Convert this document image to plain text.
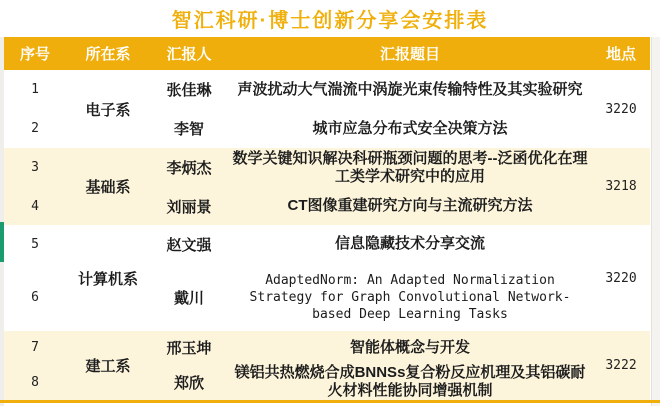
智汇科研·博士创新分享会安排表
序号	所在系	汇报人	汇报题目	地点
1	电子系	张佳琳	声波扰动大气湍流中涡旋光束传输特性及其实验研究	3220
2		李智	城市应急分布式安全决策方法	
3	基础系	李炳杰	数学关键知识解决科研瓶颈问题的思考--泛函优化在理工类学术研究中的应用	3218
4		刘丽景	CT图像重建研究方向与主流研究方法	
5	计算机系	赵文强	信息隐藏技术分享交流	3220
6		戴川	AdaptedNorm: An Adapted Normalization Strategy for Graph Convolutional Network-based Deep Learning Tasks	
7	建工系	邢玉坤	智能体概念与开发	3222
8		郑欣	镁铝共热燃烧合成BNNSs复合粉反应机理及其铝碳耐火材料性能协同增强机制	
